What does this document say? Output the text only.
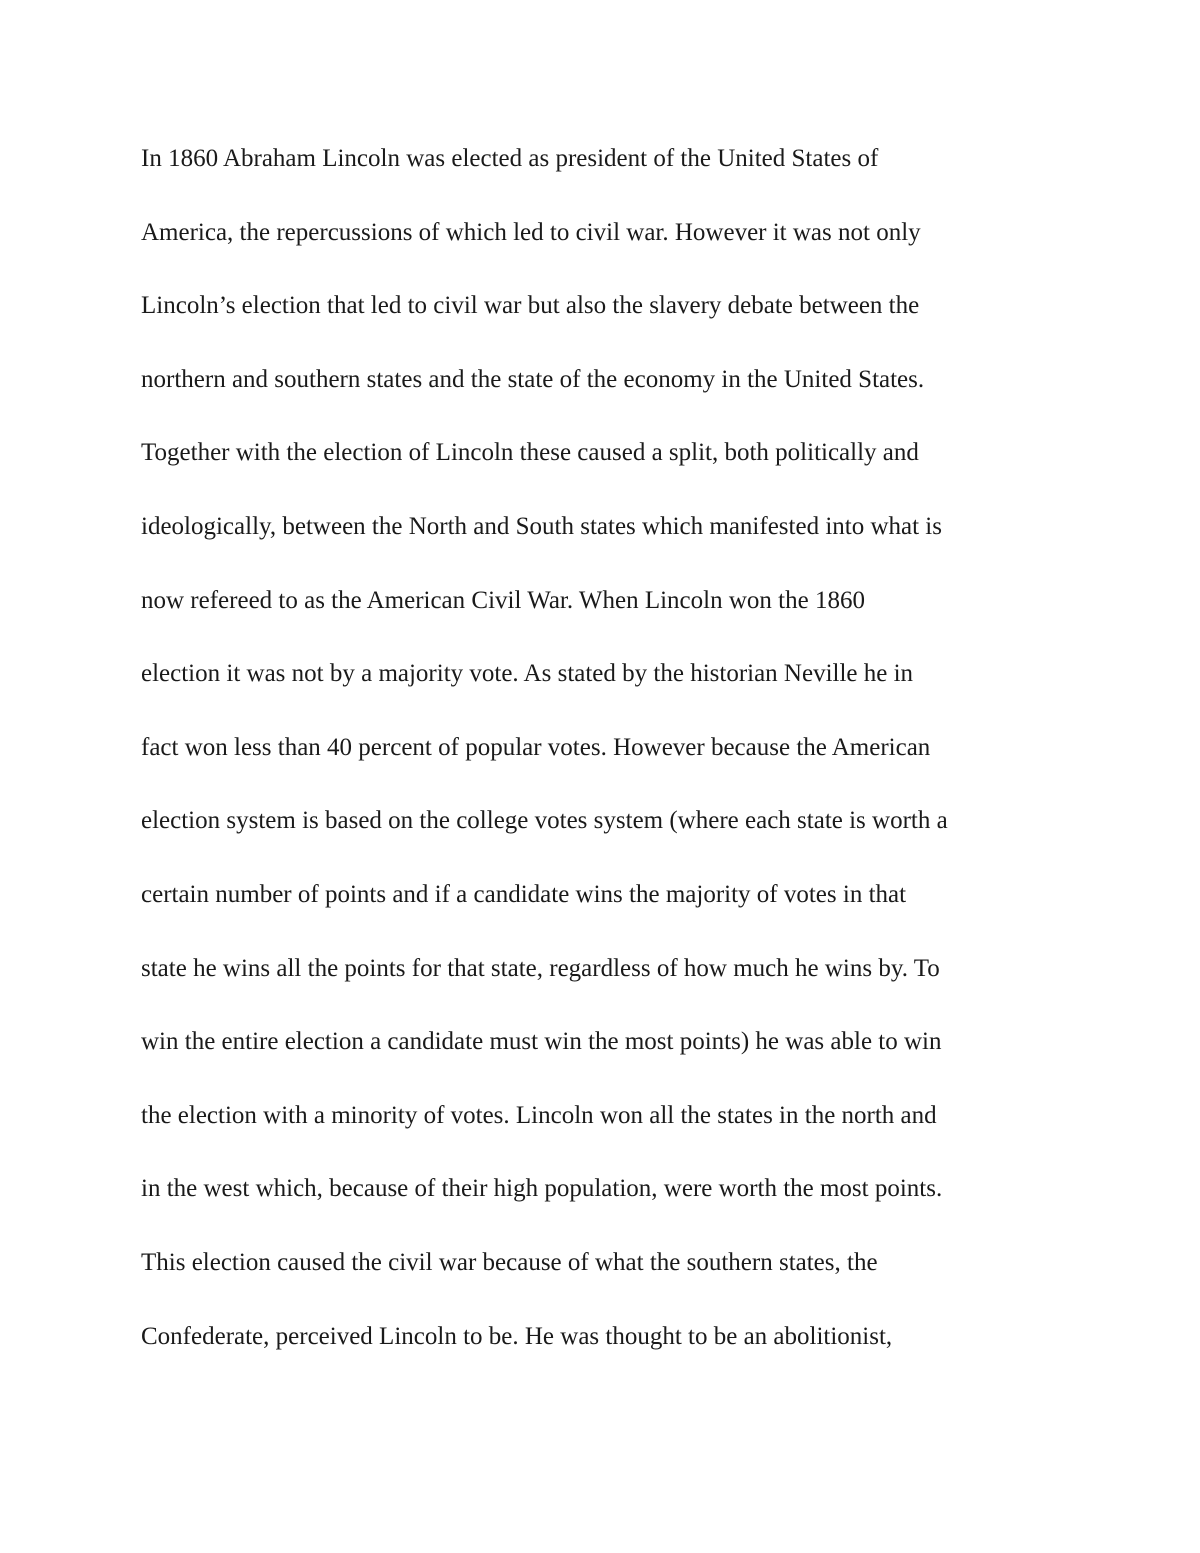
In 1860 Abraham Lincoln was elected as president of the United States of
America, the repercussions of which led to civil war. However it was not only
Lincoln’s election that led to civil war but also the slavery debate between the
northern and southern states and the state of the economy in the United States.
Together with the election of Lincoln these caused a split, both politically and
ideologically, between the North and South states which manifested into what is
now refereed to as the American Civil War. When Lincoln won the 1860
election it was not by a majority vote. As stated by the historian Neville he in
fact won less than 40 percent of popular votes. However because the American
election system is based on the college votes system (where each state is worth a
certain number of points and if a candidate wins the majority of votes in that
state he wins all the points for that state, regardless of how much he wins by. To
win the entire election a candidate must win the most points) he was able to win
the election with a minority of votes. Lincoln won all the states in the north and
in the west which, because of their high population, were worth the most points.
This election caused the civil war because of what the southern states, the
Confederate, perceived Lincoln to be. He was thought to be an abolitionist,
